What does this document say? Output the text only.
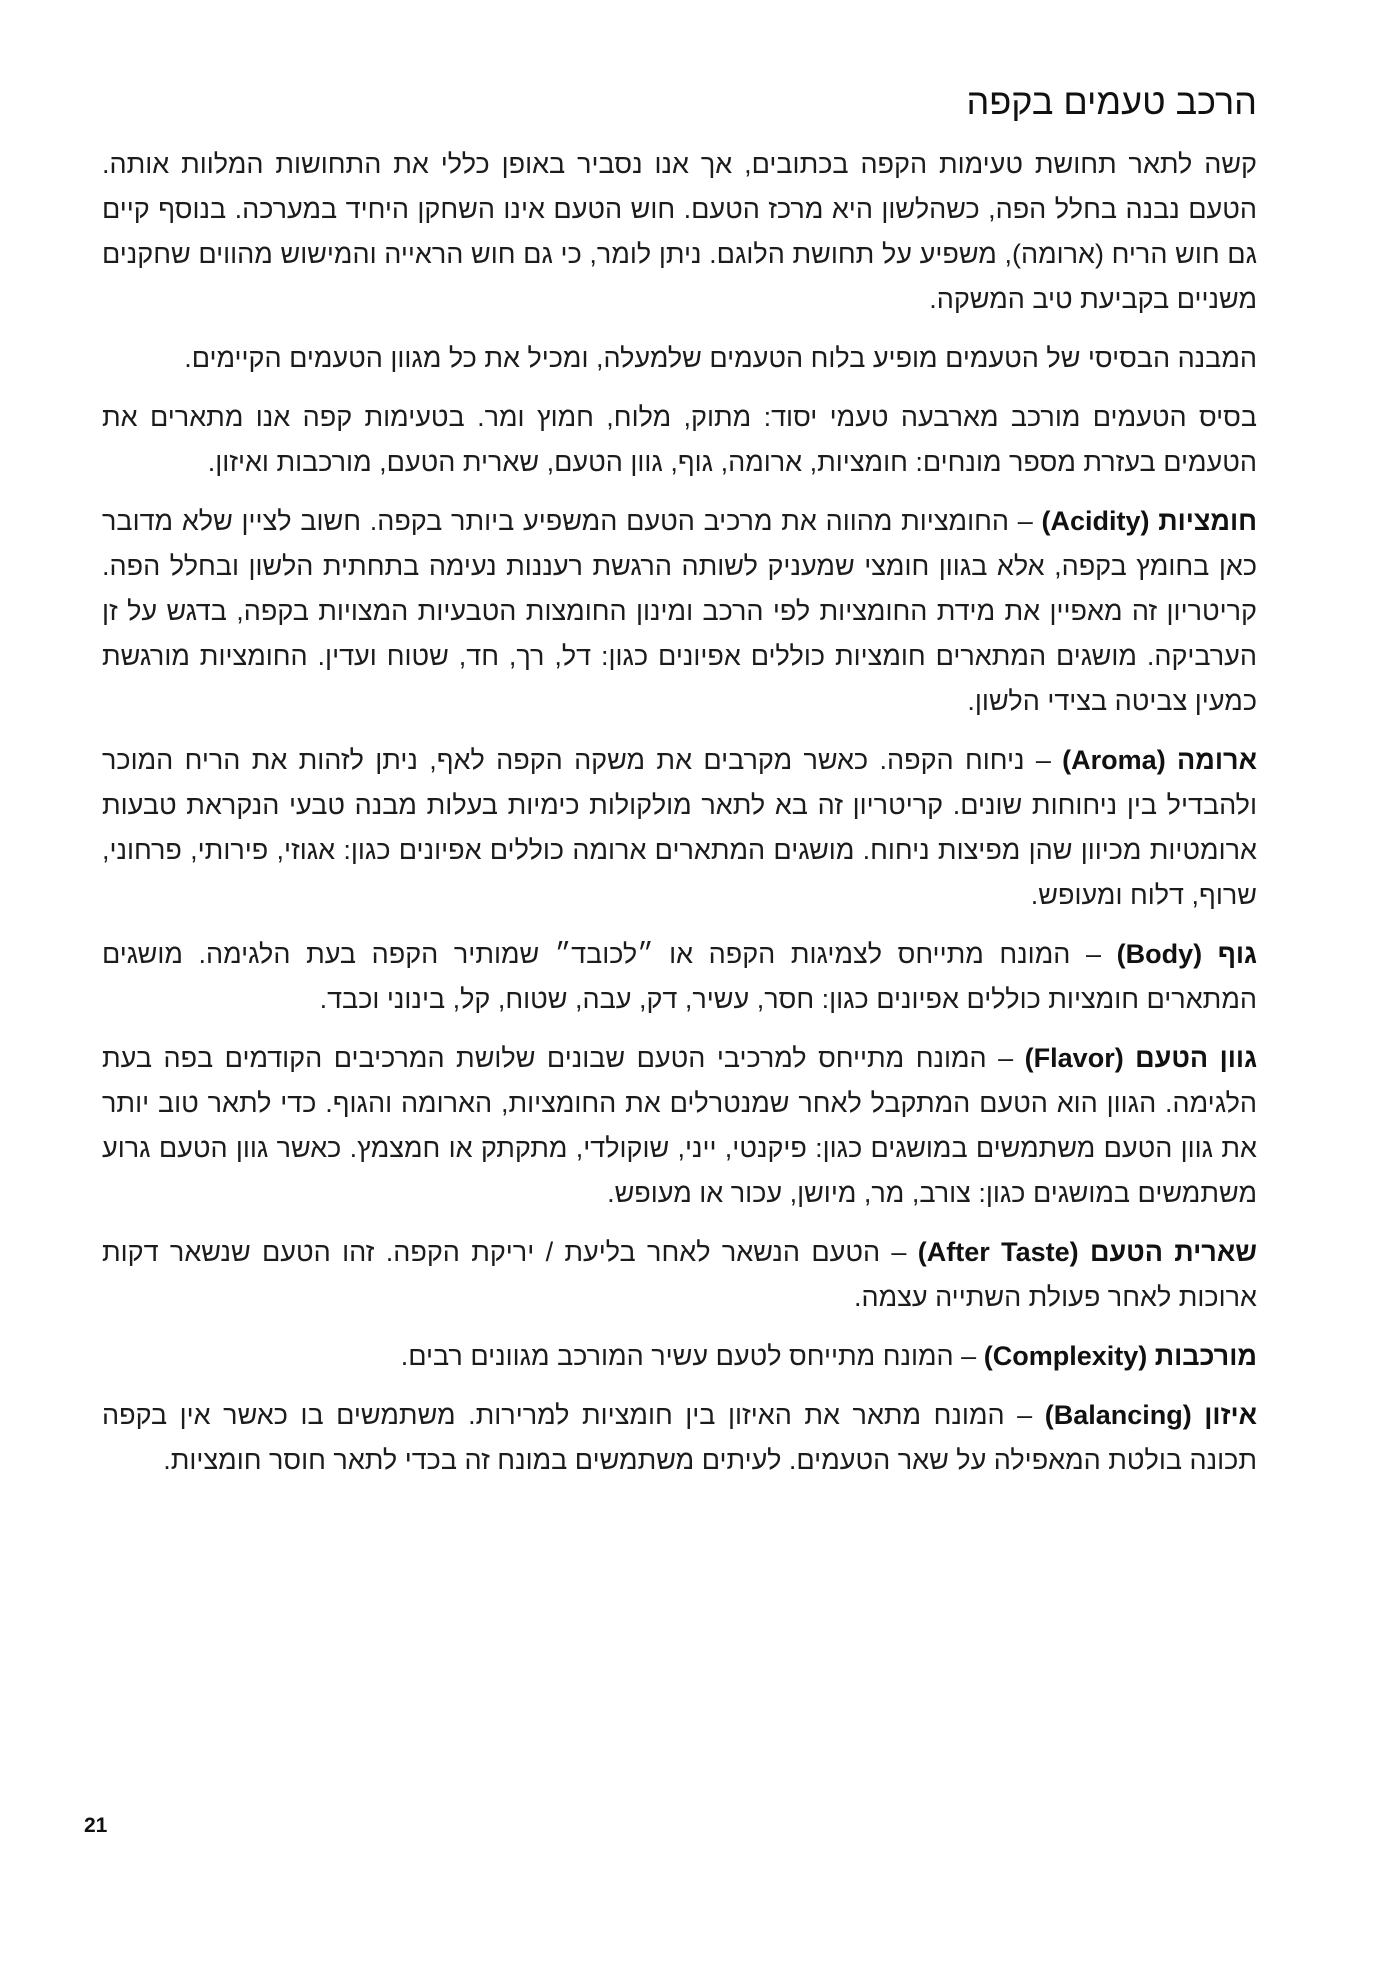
הרכב טעמים בקפה

קשה לתאר תחושת טעימות הקפה בכתובים, אך אנו נסביר באופן כללי את התחושות המלוות אותה. הטעם נבנה בחלל הפה, כשהלשון היא מרכז הטעם. חוש הטעם אינו השחקן היחיד במערכה. בנוסף קיים גם חוש הריח (ארומה), משפיע על תחושת הלוגם. ניתן לומר, כי גם חוש הראייה והמישוש מהווים שחקנים משניים בקביעת טיב המשקה.

המבנה הבסיסי של הטעמים מופיע בלוח הטעמים שלמעלה, ומכיל את כל מגוון הטעמים הקיימים.

בסיס הטעמים מורכב מארבעה טעמי יסוד: מתוק, מלוח, חמוץ ומר. בטעימות קפה אנו מתארים את הטעמים בעזרת מספר מונחים: חומציות, ארומה, גוף, גוון הטעם, שארית הטעם, מורכבות ואיזון.

חומציות (Acidity) – החומציות מהווה את מרכיב הטעם המשפיע ביותר בקפה. חשוב לציין שלא מדובר כאן בחומץ בקפה, אלא בגוון חומצי שמעניק לשותה הרגשת רעננות נעימה בתחתית הלשון ובחלל הפה. קריטריון זה מאפיין את מידת החומציות לפי הרכב ומינון החומצות הטבעיות המצויות בקפה, בדגש על זן הערביקה. מושגים המתארים חומציות כוללים אפיונים כגון: דל, רך, חד, שטוח ועדין. החומציות מורגשת כמעין צביטה בצידי הלשון.

ארומה (Aroma) – ניחוח הקפה. כאשר מקרבים את משקה הקפה לאף, ניתן לזהות את הריח המוכר ולהבדיל בין ניחוחות שונים. קריטריון זה בא לתאר מולקולות כימיות בעלות מבנה טבעי הנקראת טבעות ארומטיות מכיוון שהן מפיצות ניחוח. מושגים המתארים ארומה כוללים אפיונים כגון: אגוזי, פירותי, פרחוני, שרוף, דלוח ומעופש.

גוף (Body) – המונח מתייחס לצמיגות הקפה או ״לכובד״ שמותיר הקפה בעת הלגימה. מושגים המתארים חומציות כוללים אפיונים כגון: חסר, עשיר, דק, עבה, שטוח, קל, בינוני וכבד.

גוון הטעם (Flavor) – המונח מתייחס למרכיבי הטעם שבונים שלושת המרכיבים הקודמים בפה בעת הלגימה. הגוון הוא הטעם המתקבל לאחר שמנטרלים את החומציות, הארומה והגוף. כדי לתאר טוב יותר את גוון הטעם משתמשים במושגים כגון: פיקנטי, ייני, שוקולדי, מתקתק או חמצמץ. כאשר גוון הטעם גרוע משתמשים במושגים כגון: צורב, מר, מיושן, עכור או מעופש.

שארית הטעם (After Taste) – הטעם הנשאר לאחר בליעת / יריקת הקפה. זהו הטעם שנשאר דקות ארוכות לאחר פעולת השתייה עצמה.

מורכבות (Complexity) – המונח מתייחס לטעם עשיר המורכב מגוונים רבים.

איזון (Balancing) – המונח מתאר את האיזון בין חומציות למרירות. משתמשים בו כאשר אין בקפה תכונה בולטת המאפילה על שאר הטעמים. לעיתים משתמשים במונח זה בכדי לתאר חוסר חומציות.

21
